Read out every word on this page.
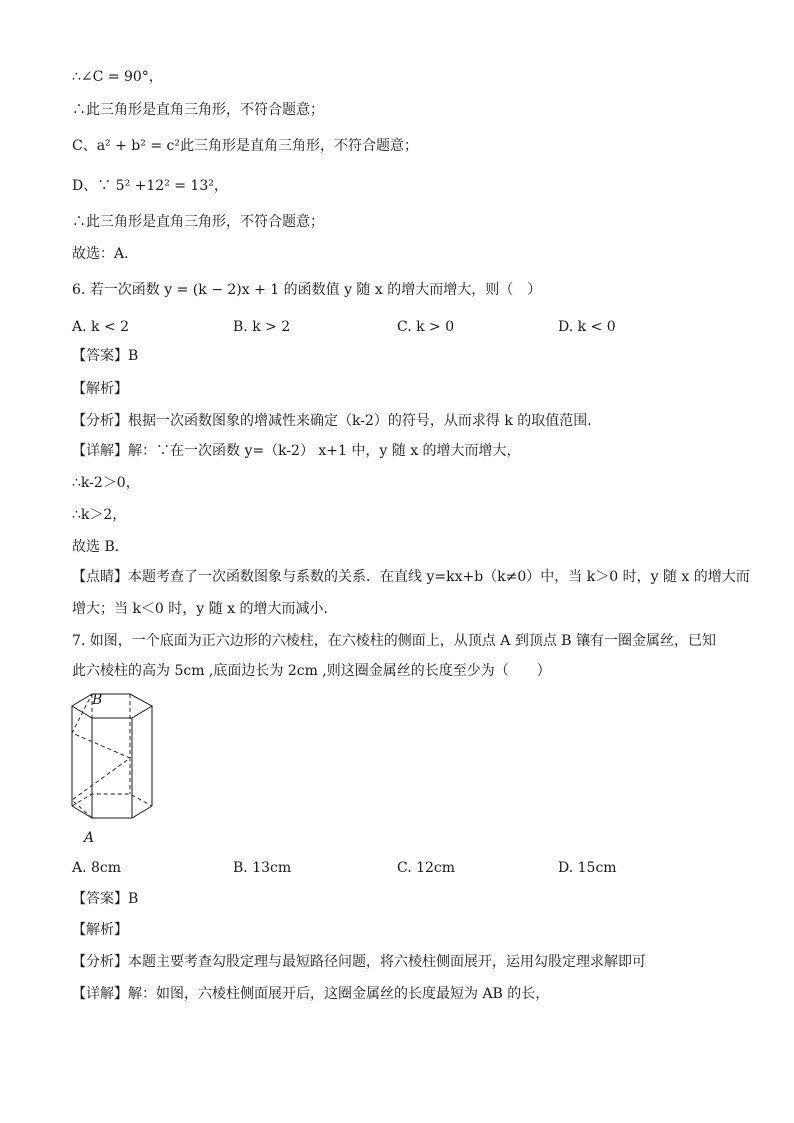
∴∠C = 90°，
∴此三角形是直角三角形，不符合题意；
C、a² + b² = c²此三角形是直角三角形，不符合题意；
D、∵ 5² +12² = 13²，
∴此三角形是直角三角形，不符合题意；
故选：A．
6. 若一次函数 y = (k − 2)x + 1 的函数值 y 随 x 的增大而增大，则（　）
A. k < 2	B. k > 2	C. k > 0	D. k < 0
【答案】B
【解析】
【分析】根据一次函数图象的增减性来确定（k-2）的符号，从而求得 k 的取值范围．
【详解】解：∵在一次函数 y=（k-2） x+1 中，y 随 x 的增大而增大，
∴k-2＞0，
∴k＞2，
故选 B．
【点睛】本题考查了一次函数图象与系数的关系．在直线 y=kx+b（k≠0）中，当 k＞0 时，y 随 x 的增大而
增大；当 k＜0 时，y 随 x 的增大而减小．
7. 如图，一个底面为正六边形的六棱柱，在六棱柱的侧面上，从顶点 A 到顶点 B 镶有一圈金属丝，已知
此六棱柱的高为 5cm ,底面边长为 2cm ,则这圈金属丝的长度至少为（　　）
B
A
A. 8cm	B. 13cm	C. 12cm	D. 15cm
【答案】B
【解析】
【分析】本题主要考查勾股定理与最短路径问题，将六棱柱侧面展开，运用勾股定理求解即可
【详解】解：如图，六棱柱侧面展开后，这圈金属丝的长度最短为 AB 的长，
